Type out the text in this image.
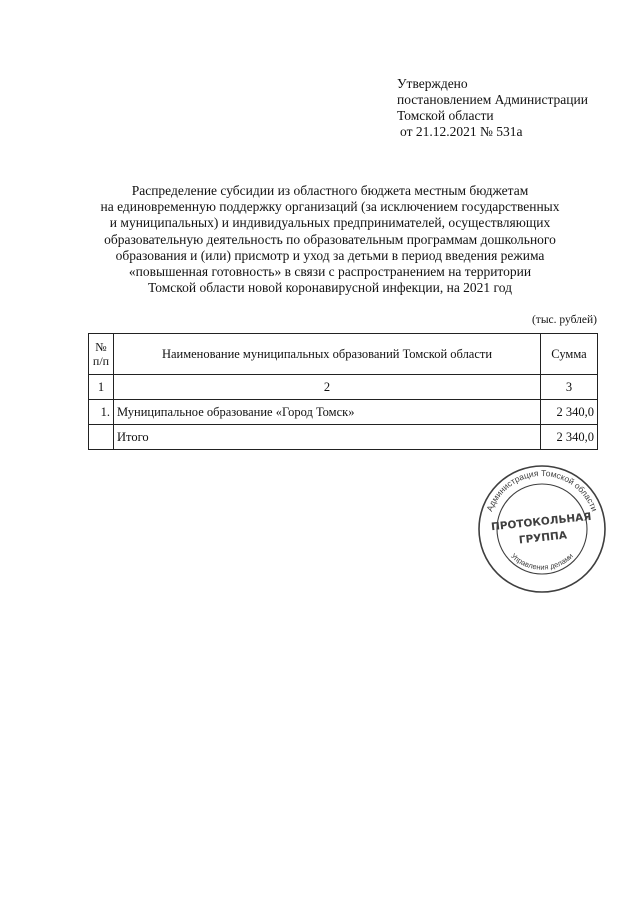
Утверждено
постановлением Администрации
Томской области
от 21.12.2021 № 531а
Распределение субсидии из областного бюджета местным бюджетам
на единовременную поддержку организаций (за исключением государственных
и муниципальных) и индивидуальных предпринимателей, осуществляющих
образовательную деятельность по образовательным программам дошкольного
образования и (или) присмотр и уход за детьми в период введения режима
«повышенная готовность» в связи с распространением на территории
Томской области новой коронавирусной инфекции, на 2021 год
(тыс. рублей)
№
п/п	Наименование муниципальных образований Томской области	Сумма
1	2	3
1.	Муниципальное образование «Город Томск»	2 340,0
	Итого	2 340,0
Администрация Томской области
ПРОТОКОЛЬНАЯ
ГРУППА
Управления делами
